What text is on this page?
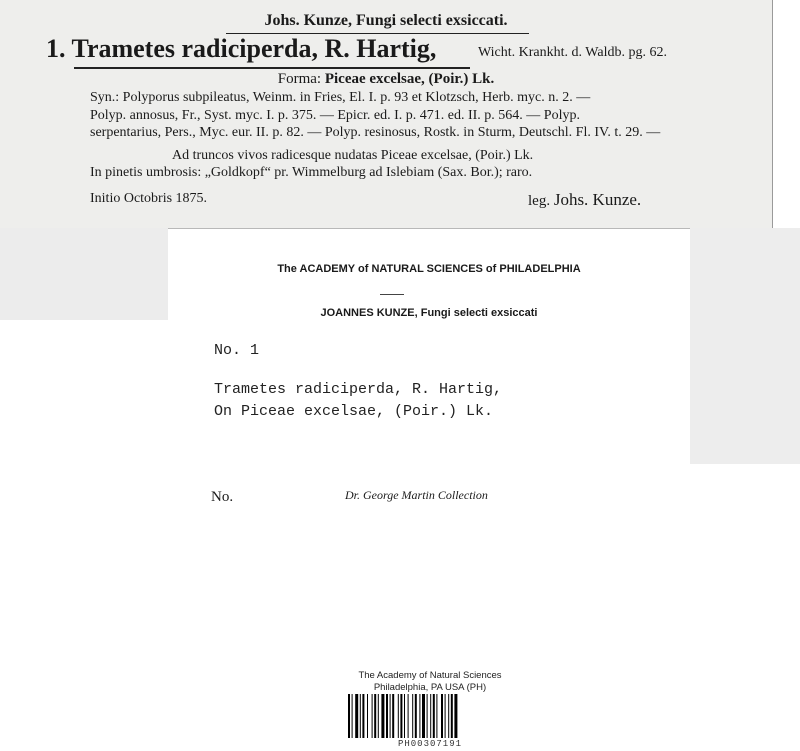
Johs. Kunze, Fungi selecti exsiccati.
1. Trametes radiciperda, R. Hartig,	Wicht. Krankht. d. Waldb. pg. 62.
Forma: Piceae excelsae, (Poir.) Lk.
Syn.: Polyporus subpileatus, Weinm. in Fries, El. I. p. 93 et Klotzsch, Herb. myc. n. 2. —
Polyp. annosus, Fr., Syst. myc. I. p. 375. — Epicr. ed. I. p. 471. ed. II. p. 564. — Polyp.
serpentarius, Pers., Myc. eur. II. p. 82. — Polyp. resinosus, Rostk. in Sturm, Deutschl. Fl. IV. t. 29. —
Ad truncos vivos radicesque nudatas Piceae excelsae, (Poir.) Lk.
In pinetis umbrosis: „Goldkopf“ pr. Wimmelburg ad Islebiam (Sax. Bor.); raro.
Initio Octobris 1875.	leg. Johs. Kunze.
The ACADEMY of NATURAL SCIENCES of PHILADELPHIA
JOANNES KUNZE, Fungi selecti exsiccati
No. 1
Trametes radiciperda, R. Hartig,
On Piceae excelsae, (Poir.) Lk.
No.	Dr. George Martin Collection
The Academy of Natural Sciences
Philadelphia, PA USA (PH)
PH00307191
